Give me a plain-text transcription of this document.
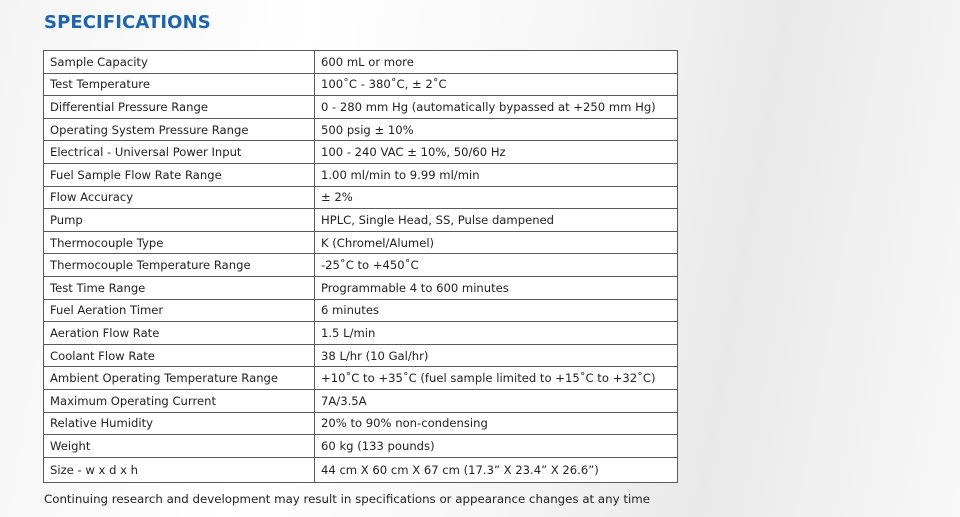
SPECIFICATIONS
Sample Capacity	600 mL or more
Test Temperature	100˚C - 380˚C, ± 2˚C
Differential Pressure Range	0 - 280 mm Hg (automatically bypassed at +250 mm Hg)
Operating System Pressure Range	500 psig ± 10%
Electrical - Universal Power Input	100 - 240 VAC ± 10%, 50/60 Hz
Fuel Sample Flow Rate Range	1.00 ml/min to 9.99 ml/min
Flow Accuracy	± 2%
Pump	HPLC, Single Head, SS, Pulse dampened
Thermocouple Type	K (Chromel/Alumel)
Thermocouple Temperature Range	-25˚C to +450˚C
Test Time Range	Programmable 4 to 600 minutes
Fuel Aeration Timer	6 minutes
Aeration Flow Rate	1.5 L/min
Coolant Flow Rate	38 L/hr (10 Gal/hr)
Ambient Operating Temperature Range	+10˚C to +35˚C (fuel sample limited to +15˚C to +32˚C)
Maximum Operating Current	7A/3.5A
Relative Humidity	20% to 90% non-condensing
Weight	60 kg (133 pounds)
Size - w x d x h	44 cm X 60 cm X 67 cm (17.3” X 23.4” X 26.6”)

Continuing research and development may result in specifications or appearance changes at any time
